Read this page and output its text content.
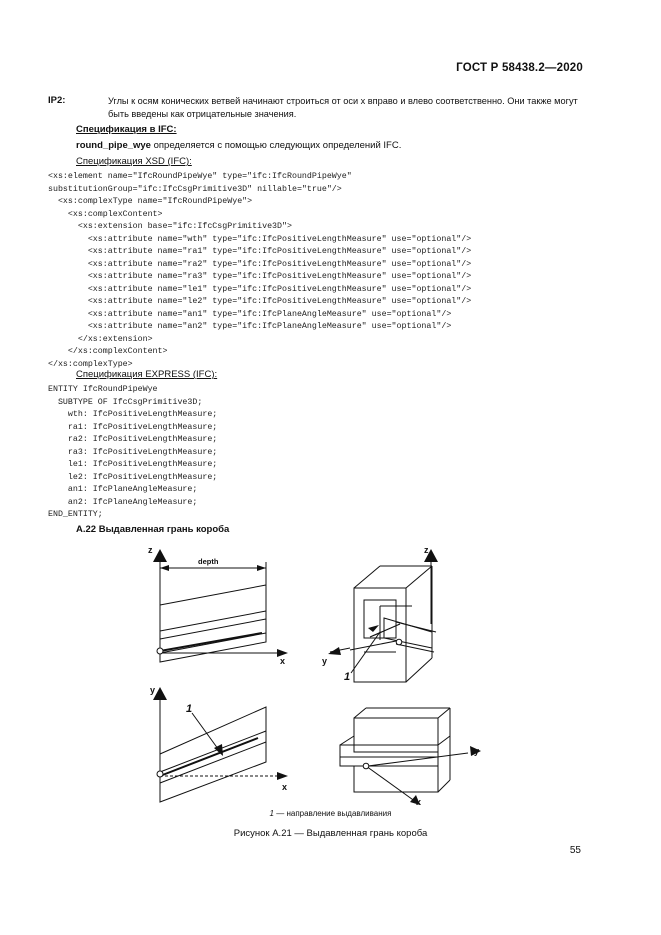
ГОСТ Р 58438.2—2020
IP2:	Углы к осям конических ветвей начинают строиться от оси x вправо и влево соответственно. Они также могут быть введены как отрицательные значения.
Спецификация в IFC:
round_pipe_wye определяется с помощью следующих определений IFC.
Спецификация XSD (IFC):
<xs:element name="IfcRoundPipeWye" type="ifc:IfcRoundPipeWye"
substitutionGroup="ifc:IfcCsgPrimitive3D" nillable="true"/>
<xs:complexType name="IfcRoundPipeWye">
<xs:complexContent>
<xs:extension base="ifc:IfcCsgPrimitive3D">
<xs:attribute name="wth" type="ifc:IfcPositiveLengthMeasure" use="optional"/>
<xs:attribute name="ra1" type="ifc:IfcPositiveLengthMeasure" use="optional"/>
<xs:attribute name="ra2" type="ifc:IfcPositiveLengthMeasure" use="optional"/>
<xs:attribute name="ra3" type="ifc:IfcPositiveLengthMeasure" use="optional"/>
<xs:attribute name="le1" type="ifc:IfcPositiveLengthMeasure" use="optional"/>
<xs:attribute name="le2" type="ifc:IfcPositiveLengthMeasure" use="optional"/>
<xs:attribute name="an1" type="ifc:IfcPlaneAngleMeasure" use="optional"/>
<xs:attribute name="an2" type="ifc:IfcPlaneAngleMeasure" use="optional"/>
</xs:extension>
</xs:complexContent>
</xs:complexType>
Спецификация EXPRESS (IFC):
ENTITY IfcRoundPipeWye
SUBTYPE OF IfcCsgPrimitive3D;
wth: IfcPositiveLengthMeasure;
ra1: IfcPositiveLengthMeasure;
ra2: IfcPositiveLengthMeasure;
ra3: IfcPositiveLengthMeasure;
le1: IfcPositiveLengthMeasure;
le2: IfcPositiveLengthMeasure;
an1: IfcPlaneAngleMeasure;
an2: IfcPlaneAngleMeasure;
END_ENTITY;
A.22 Выдавленная грань короба
z
x
depth
z
y
1
y
x
1
y
x
1 — направление выдавливания
Рисунок А.21 — Выдавленная грань короба
55
